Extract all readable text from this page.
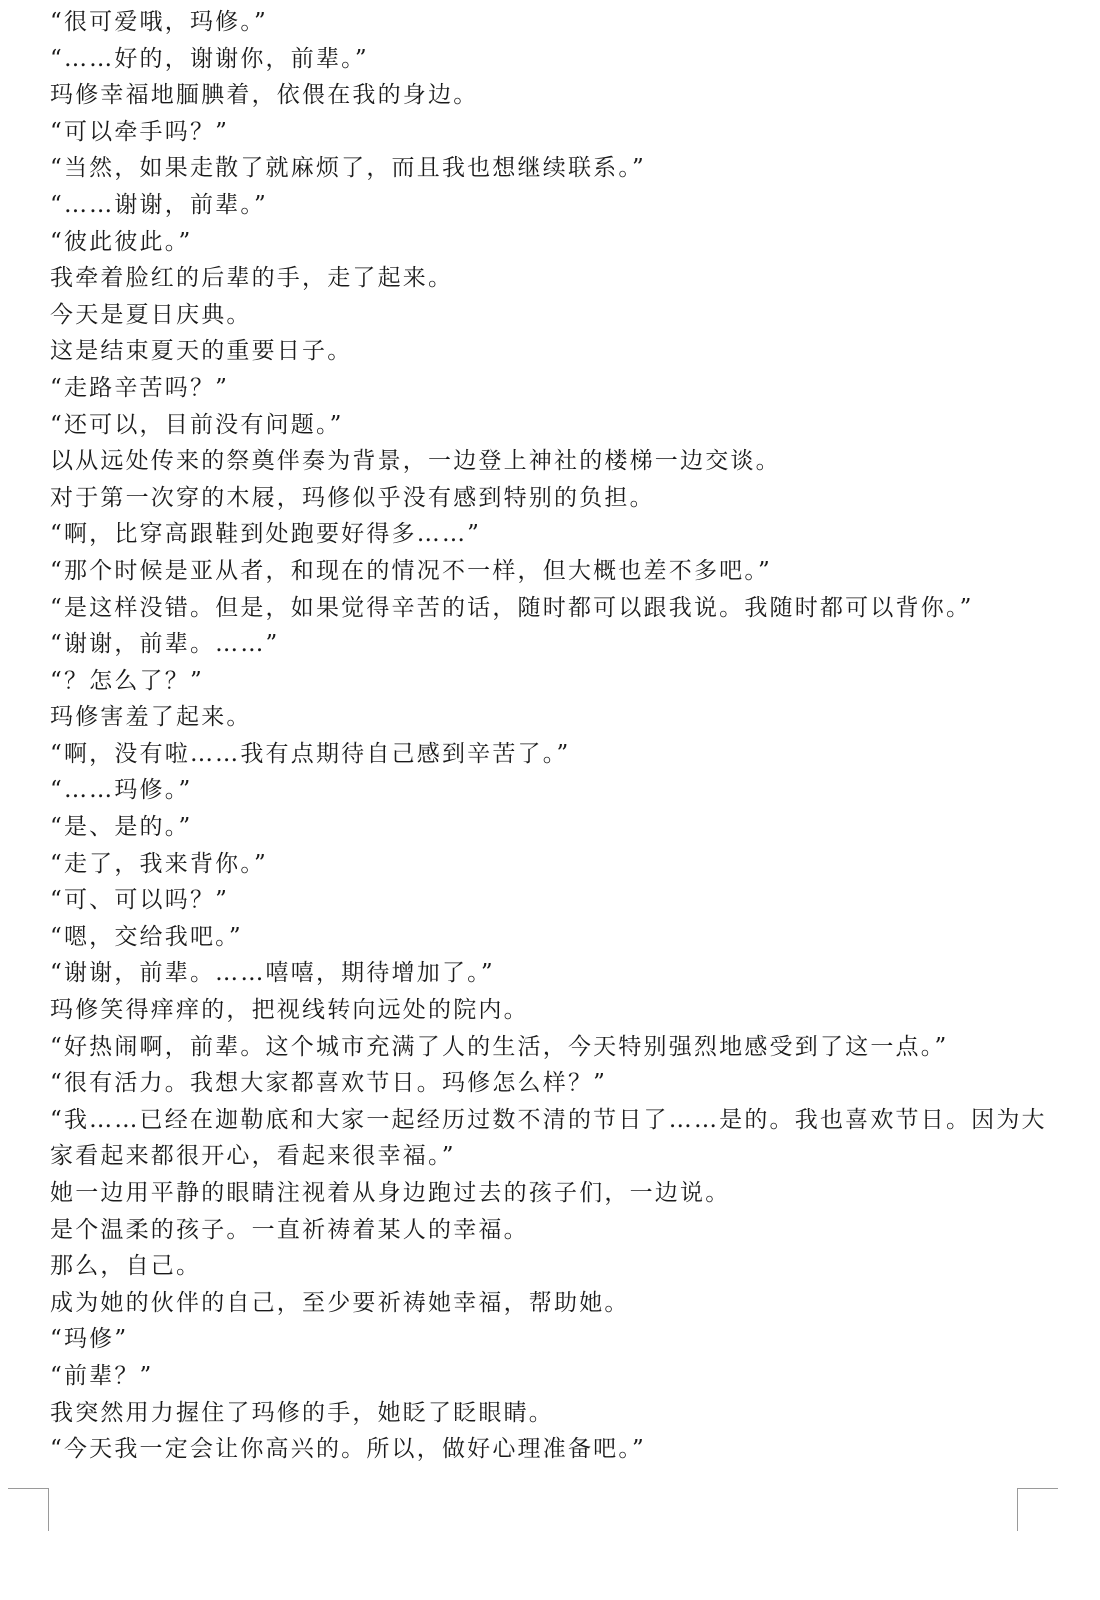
“很可爱哦，玛修。”

“……好的，谢谢你，前辈。”

玛修幸福地腼腆着，依偎在我的身边。

“可以牵手吗？”

“当然，如果走散了就麻烦了，而且我也想继续联系。”

“……谢谢，前辈。”

“彼此彼此。”

我牵着脸红的后辈的手，走了起来。

今天是夏日庆典。

这是结束夏天的重要日子。

“走路辛苦吗？”

“还可以，目前没有问题。”

以从远处传来的祭奠伴奏为背景，一边登上神社的楼梯一边交谈。

对于第一次穿的木屐，玛修似乎没有感到特别的负担。

“啊，比穿高跟鞋到处跑要好得多……”

“那个时候是亚从者，和现在的情况不一样，但大概也差不多吧。”

“是这样没错。但是，如果觉得辛苦的话，随时都可以跟我说。我随时都可以背你。”

“谢谢，前辈。……”

“？怎么了？”

玛修害羞了起来。

“啊，没有啦……我有点期待自己感到辛苦了。”

“……玛修。”

“是、是的。”

“走了，我来背你。”

“可、可以吗？”

“嗯，交给我吧。”

“谢谢，前辈。……嘻嘻，期待增加了。”

玛修笑得痒痒的，把视线转向远处的院内。

“好热闹啊，前辈。这个城市充满了人的生活，今天特别强烈地感受到了这一点。”

“很有活力。我想大家都喜欢节日。玛修怎么样？”

“我……已经在迦勒底和大家一起经历过数不清的节日了……是的。我也喜欢节日。因为大家看起来都很开心，看起来很幸福。”

她一边用平静的眼睛注视着从身边跑过去的孩子们，一边说。

是个温柔的孩子。一直祈祷着某人的幸福。

那么，自己。

成为她的伙伴的自己，至少要祈祷她幸福，帮助她。

“玛修”

“前辈？”

我突然用力握住了玛修的手，她眨了眨眼睛。

“今天我一定会让你高兴的。所以，做好心理准备吧。”
